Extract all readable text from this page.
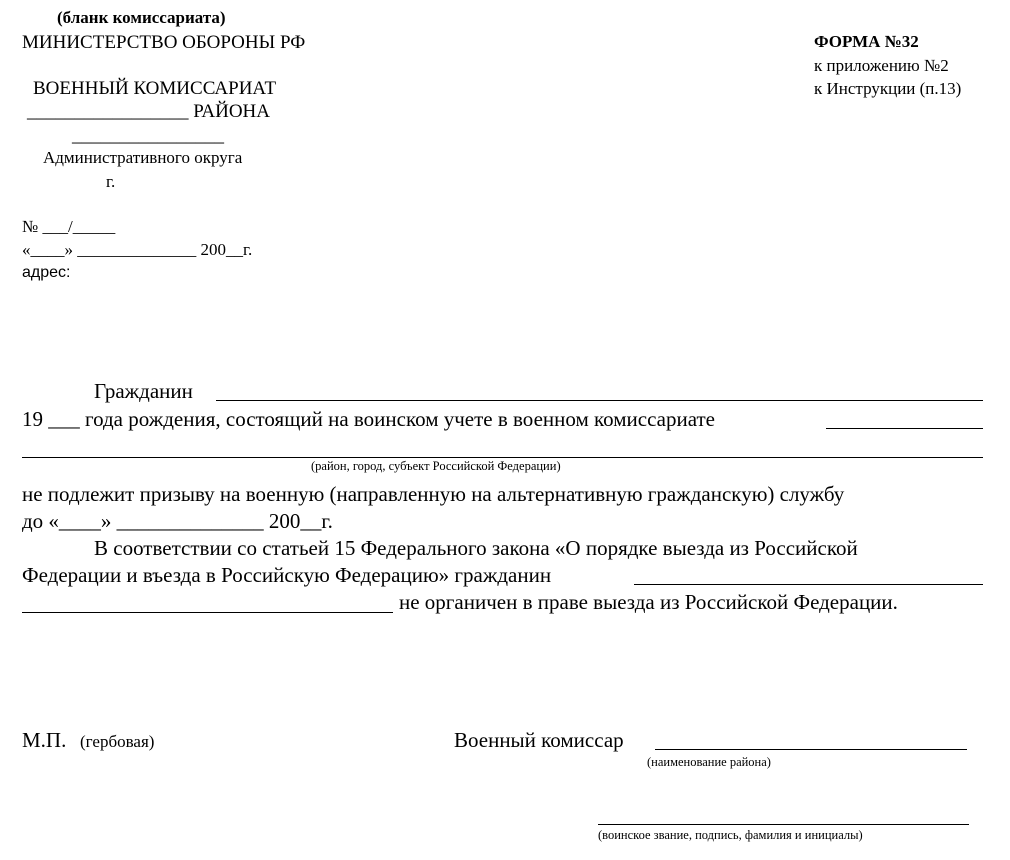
(бланк комиссариата)
МИНИСТЕРСТВО ОБОРОНЫ РФ
ВОЕННЫЙ КОМИССАРИАТ
_________________ РАЙОНА
________________
Административного округа
г.
№ ___/_____
«____» ______________ 200__г.
адрес:
ФОРМА №32
к приложению №2
к Инструкции (п.13)
Гражданин
19 ___ года рождения, состоящий на воинском учете в военном комиссариате
(район, город, субъект Российской Федерации)
не подлежит призыву на военную (направленную на альтернативную гражданскую) службу
до «____» ______________ 200__г.
В соответствии со статьей 15 Федерального закона «О порядке выезда из Российской
Федерации и въезда в Российскую Федерацию» гражданин
не органичен в праве выезда из Российской Федерации.
М.П. (гербовая)	Военный комиссар
(наименование района)
(воинское звание, подпись, фамилия и инициалы)
